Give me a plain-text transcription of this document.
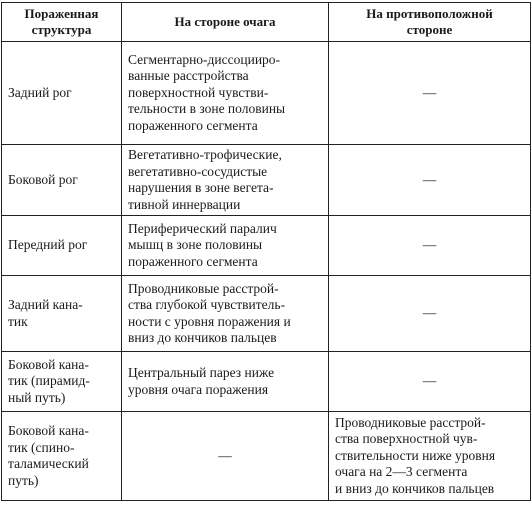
Пораженная
структура	На стороне очага	На противоположной
стороне

Задний рог	Сегментарно-диссоцииро-
ванные расстройства
поверхностной чувстви-
тельности в зоне половины
пораженного сегмента	—

Боковой рог	Вегетативно-трофические,
вегетативно-сосудистые
нарушения в зоне вегета-
тивной иннервации	—

Передний рог	Периферический паралич
мышц в зоне половины
пораженного сегмента	—

Задний кана-
тик	Проводниковые расстрой-
ства глубокой чувствитель-
ности с уровня поражения и
вниз до кончиков пальцев	—

Боковой кана-
тик (пирамид-
ный путь)	Центральный парез ниже
уровня очага поражения	—

Боковой кана-
тик (спино-
таламический
путь)	—	Проводниковые расстрой-
ства поверхностной чув-
ствительности ниже уровня
очага на 2—3 сегмента
и вниз до кончиков пальцев
